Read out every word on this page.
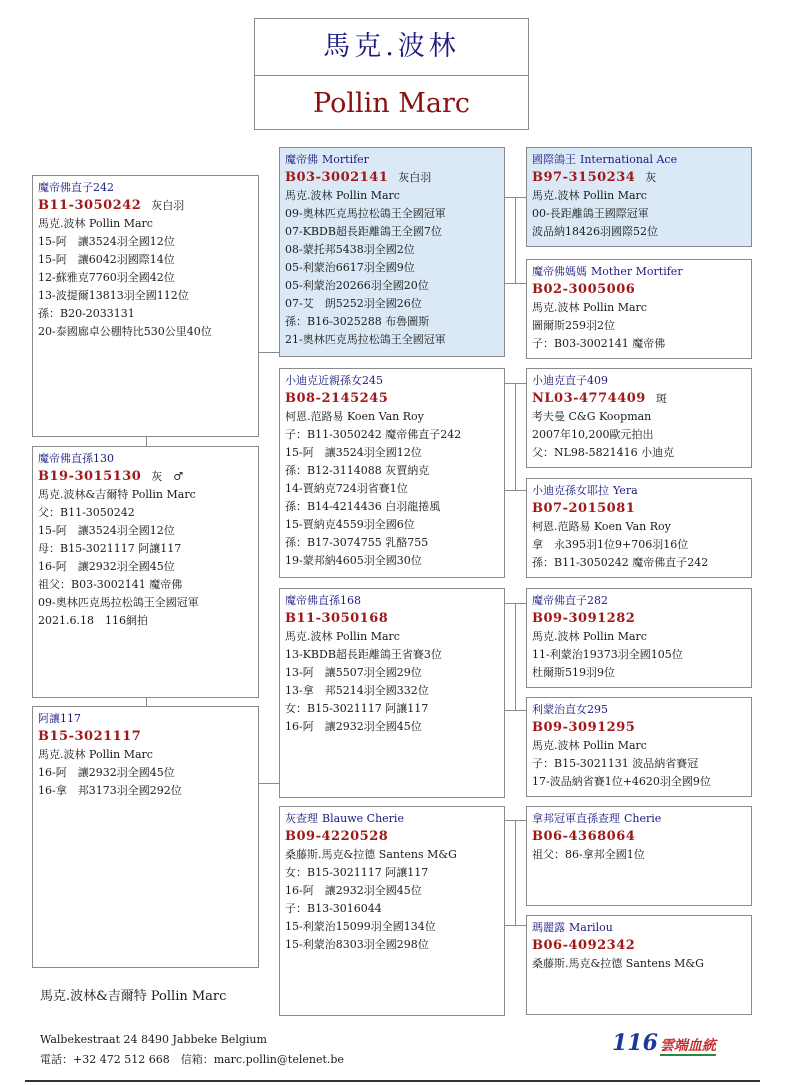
馬克.波林
Pollin Marc
魔帝佛直子242
B11-3050242 灰白羽
馬克.波林 Pollin Marc
15-阿　讓3524羽全國12位
15-阿　讓6042羽國際14位
12-蘇雅克7760羽全國42位
13-波提爾13813羽全國112位
孫：B20-2033131
20-泰國廊卓公棚特比530公里40位
魔帝佛直孫130
B19-3015130 灰　♂
馬克.波林&吉爾特 Pollin Marc
父：B11-3050242
15-阿　讓3524羽全國12位
母：B15-3021117 阿讓117
16-阿　讓2932羽全國45位
祖父：B03-3002141 魔帝佛
09-奧林匹克馬拉松鴿王全國冠軍
2021.6.18　116網拍
阿讓117
B15-3021117
馬克.波林 Pollin Marc
16-阿　讓2932羽全國45位
16-拿　邦3173羽全國292位
魔帝佛 Mortifer
B03-3002141 灰白羽
馬克.波林 Pollin Marc
09-奧林匹克馬拉松鴿王全國冠軍
07-KBDB超長距離鴿王全國7位
08-蒙托邦5438羽全國2位
05-利蒙治6617羽全國9位
05-利蒙治20266羽全國20位
07-艾　朗5252羽全國26位
孫：B16-3025288 布魯圖斯
21-奧林匹克馬拉松鴿王全國冠軍
小迪克近親孫女245
B08-2145245
柯恩.范路易 Koen Van Roy
子：B11-3050242 魔帝佛直子242
15-阿　讓3524羽全國12位
孫：B12-3114088 灰賈納克
14-賈納克724羽省賽1位
孫：B14-4214436 白羽龍捲風
15-賈納克4559羽全國6位
孫：B17-3074755 乳酪755
19-蒙邦納4605羽全國30位
魔帝佛直孫168
B11-3050168
馬克.波林 Pollin Marc
13-KBDB超長距離鴿王省賽3位
13-阿　讓5507羽全國29位
13-拿　邦5214羽全國332位
女：B15-3021117 阿讓117
16-阿　讓2932羽全國45位
灰查理 Blauwe Cherie
B09-4220528
桑藤斯.馬克&拉德 Santens M&G
女：B15-3021117 阿讓117
16-阿　讓2932羽全國45位
子：B13-3016044
15-利蒙治15099羽全國134位
15-利蒙治8303羽全國298位
國際鴿王 International Ace
B97-3150234 灰
馬克.波林 Pollin Marc
00-長距離鴿王國際冠軍
波品納18426羽國際52位
魔帝佛媽媽 Mother Mortifer
B02-3005006
馬克.波林 Pollin Marc
圖爾斯259羽2位
子：B03-3002141 魔帝佛
小迪克直子409
NL03-4774409 斑
考夫曼 C&G Koopman
2007年10,200歐元拍出
父：NL98-5821416 小迪克
小迪克孫女耶拉 Yera
B07-2015081
柯恩.范路易 Koen Van Roy
拿　永395羽1位9+706羽16位
孫：B11-3050242 魔帝佛直子242
魔帝佛直子282
B09-3091282
馬克.波林 Pollin Marc
11-利蒙治19373羽全國105位
杜爾斯519羽9位
利蒙治直女295
B09-3091295
馬克.波林 Pollin Marc
子：B15-3021131 波品納省賽冠
17-波品納省賽1位+4620羽全國9位
拿邦冠軍直孫查理 Cherie
B06-4368064
祖父：86-拿邦全國1位
瑪麗露 Marilou
B06-4092342
桑藤斯.馬克&拉德 Santens M&G
馬克.波林&吉爾特 Pollin Marc
Walbekestraat 24 8490 Jabbeke Belgium
電話：+32 472 512 668　信箱：marc.pollin@telenet.be
116 雲端血統
